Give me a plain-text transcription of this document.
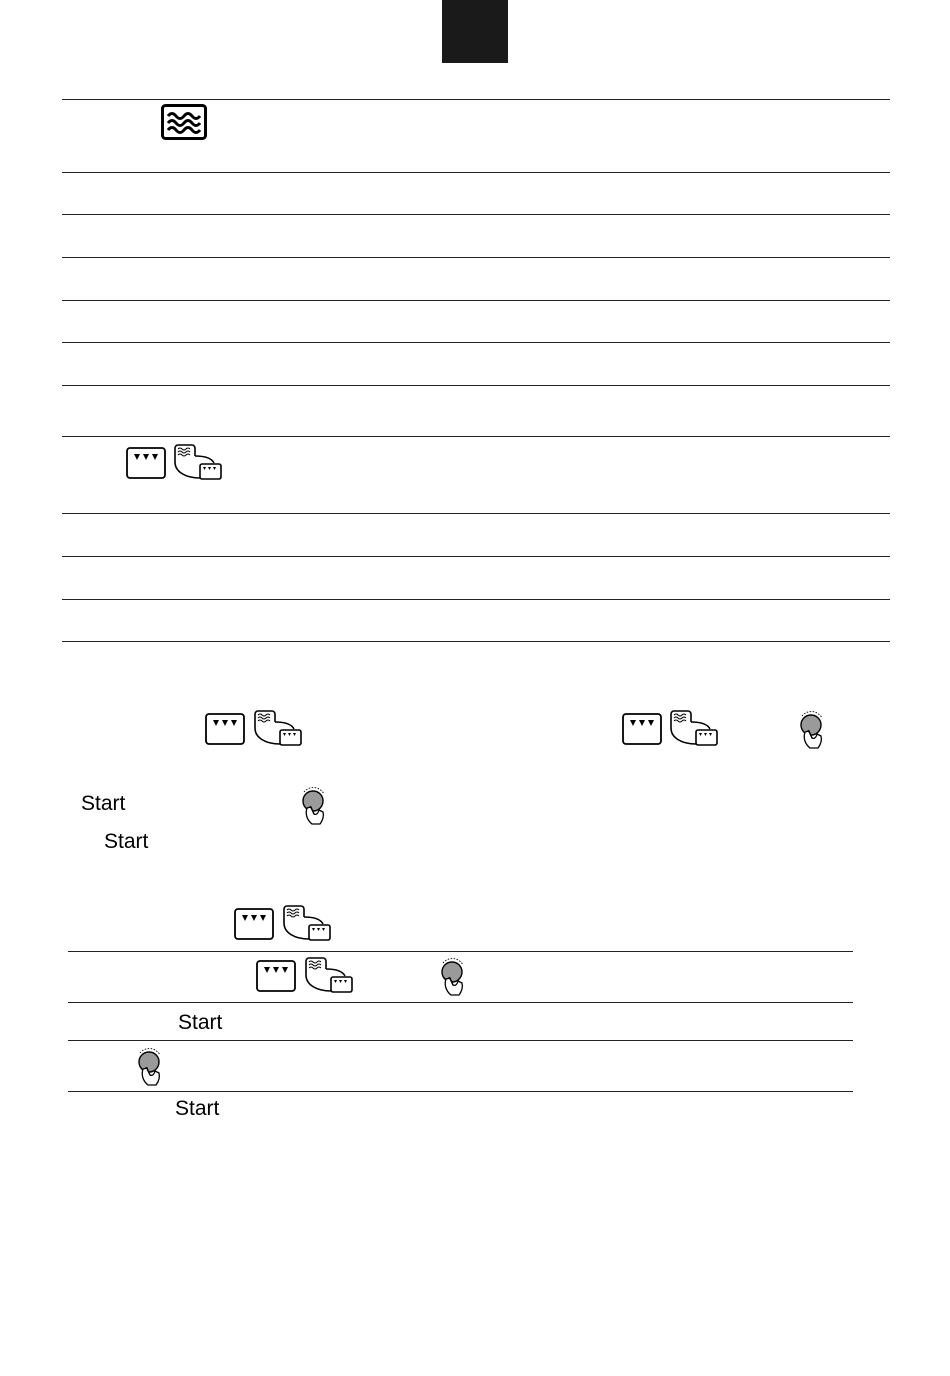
Start
Start
Start
Start
